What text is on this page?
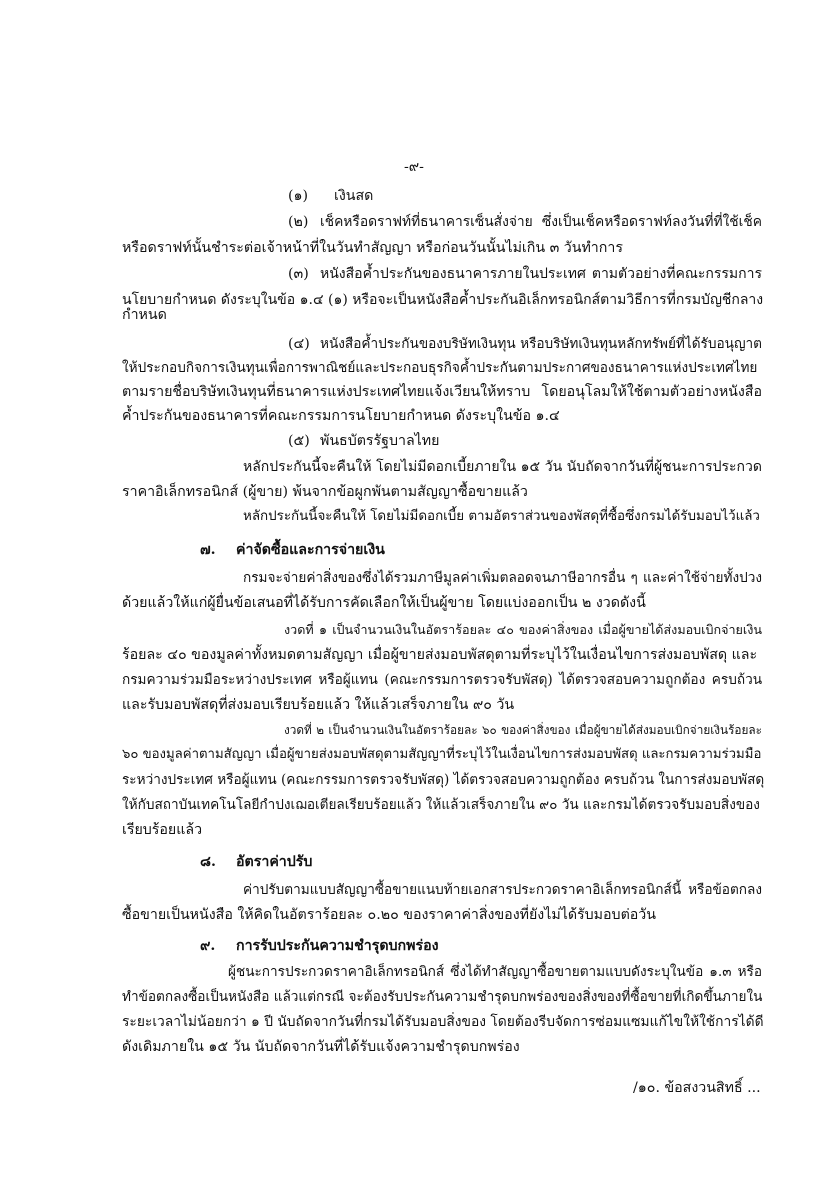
-๙-
(๑) เงินสด
(๒) เช็คหรือดราฟท์ที่ธนาคารเซ็นสั่งจ่าย ซึ่งเป็นเช็คหรือดราฟท์ลงวันที่ที่ใช้เช็ค
หรือดราฟท์นั้นชำระต่อเจ้าหน้าที่ในวันทำสัญญา หรือก่อนวันนั้นไม่เกิน ๓ วันทำการ
(๓) หนังสือค้ำประกันของธนาคารภายในประเทศ ตามตัวอย่างที่คณะกรรมการ
นโยบายกำหนด ดังระบุในข้อ ๑.๔ (๑) หรือจะเป็นหนังสือค้ำประกันอิเล็กทรอนิกส์ตามวิธีการที่กรมบัญชีกลาง
กำหนด
(๔) หนังสือค้ำประกันของบริษัทเงินทุน หรือบริษัทเงินทุนหลักทรัพย์ที่ได้รับอนุญาต
ให้ประกอบกิจการเงินทุนเพื่อการพาณิชย์และประกอบธุรกิจค้ำประกันตามประกาศของธนาคารแห่งประเทศไทย
ตามรายชื่อบริษัทเงินทุนที่ธนาคารแห่งประเทศไทยแจ้งเวียนให้ทราบ โดยอนุโลมให้ใช้ตามตัวอย่างหนังสือ
ค้ำประกันของธนาคารที่คณะกรรมการนโยบายกำหนด ดังระบุในข้อ ๑.๔
(๕) พันธบัตรรัฐบาลไทย
หลักประกันนี้จะคืนให้ โดยไม่มีดอกเบี้ยภายใน ๑๕ วัน นับถัดจากวันที่ผู้ชนะการประกวด
ราคาอิเล็กทรอนิกส์ (ผู้ขาย) พ้นจากข้อผูกพันตามสัญญาซื้อขายแล้ว
หลักประกันนี้จะคืนให้ โดยไม่มีดอกเบี้ย ตามอัตราส่วนของพัสดุที่ซื้อซึ่งกรมได้รับมอบไว้แล้ว
๗. ค่าจัดซื้อและการจ่ายเงิน
กรมจะจ่ายค่าสิ่งของซึ่งได้รวมภาษีมูลค่าเพิ่มตลอดจนภาษีอากรอื่น ๆ และค่าใช้จ่ายทั้งปวง
ด้วยแล้วให้แก่ผู้ยื่นข้อเสนอที่ได้รับการคัดเลือกให้เป็นผู้ขาย โดยแบ่งออกเป็น ๒ งวดดังนี้
งวดที่ ๑ เป็นจำนวนเงินในอัตราร้อยละ ๔๐ ของค่าสิ่งของ เมื่อผู้ขายได้ส่งมอบเบิกจ่ายเงิน
ร้อยละ ๔๐ ของมูลค่าทั้งหมดตามสัญญา เมื่อผู้ขายส่งมอบพัสดุตามที่ระบุไว้ในเงื่อนไขการส่งมอบพัสดุ และ
กรมความร่วมมือระหว่างประเทศ หรือผู้แทน (คณะกรรมการตรวจรับพัสดุ) ได้ตรวจสอบความถูกต้อง ครบถ้วน
และรับมอบพัสดุที่ส่งมอบเรียบร้อยแล้ว ให้แล้วเสร็จภายใน ๙๐ วัน
งวดที่ ๒ เป็นจำนวนเงินในอัตราร้อยละ ๖๐ ของค่าสิ่งของ เมื่อผู้ขายได้ส่งมอบเบิกจ่ายเงินร้อยละ
๖๐ ของมูลค่าตามสัญญา เมื่อผู้ขายส่งมอบพัสดุตามสัญญาที่ระบุไว้ในเงื่อนไขการส่งมอบพัสดุ และกรมความร่วมมือ
ระหว่างประเทศ หรือผู้แทน (คณะกรรมการตรวจรับพัสดุ) ได้ตรวจสอบความถูกต้อง ครบถ้วน ในการส่งมอบพัสดุ
ให้กับสถาบันเทคโนโลยีกำปงเฌอเตียลเรียบร้อยแล้ว ให้แล้วเสร็จภายใน ๙๐ วัน และกรมได้ตรวจรับมอบสิ่งของ
เรียบร้อยแล้ว
๘. อัตราค่าปรับ
ค่าปรับตามแบบสัญญาซื้อขายแนบท้ายเอกสารประกวดราคาอิเล็กทรอนิกส์นี้ หรือข้อตกลง
ซื้อขายเป็นหนังสือ ให้คิดในอัตราร้อยละ ๐.๒๐ ของราคาค่าสิ่งของที่ยังไม่ได้รับมอบต่อวัน
๙. การรับประกันความชำรุดบกพร่อง
ผู้ชนะการประกวดราคาอิเล็กทรอนิกส์ ซึ่งได้ทำสัญญาซื้อขายตามแบบดังระบุในข้อ ๑.๓ หรือ
ทำข้อตกลงซื้อเป็นหนังสือ แล้วแต่กรณี จะต้องรับประกันความชำรุดบกพร่องของสิ่งของที่ซื้อขายที่เกิดขึ้นภายใน
ระยะเวลาไม่น้อยกว่า ๑ ปี นับถัดจากวันที่กรมได้รับมอบสิ่งของ โดยต้องรีบจัดการซ่อมแซมแก้ไขให้ใช้การได้ดี
ดังเดิมภายใน ๑๕ วัน นับถัดจากวันที่ได้รับแจ้งความชำรุดบกพร่อง
/๑๐. ข้อสงวนสิทธิ์ ...
